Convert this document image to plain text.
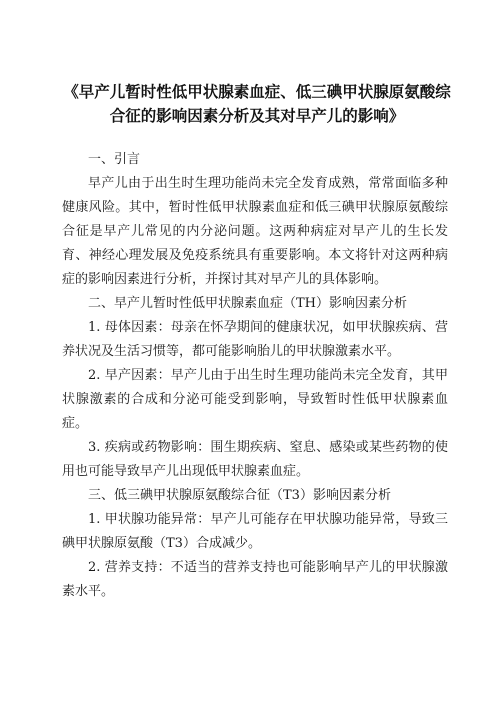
《早产儿暂时性低甲状腺素血症、低三碘甲状腺原氨酸综合征的影响因素分析及其对早产儿的影响》

一、引言

早产儿由于出生时生理功能尚未完全发育成熟，常常面临多种健康风险。其中，暂时性低甲状腺素血症和低三碘甲状腺原氨酸综合征是早产儿常见的内分泌问题。这两种病症对早产儿的生长发育、神经心理发展及免疫系统具有重要影响。本文将针对这两种病症的影响因素进行分析，并探讨其对早产儿的具体影响。

二、早产儿暂时性低甲状腺素血症（TH）影响因素分析

1. 母体因素：母亲在怀孕期间的健康状况，如甲状腺疾病、营养状况及生活习惯等，都可能影响胎儿的甲状腺激素水平。

2. 早产因素：早产儿由于出生时生理功能尚未完全发育，其甲状腺激素的合成和分泌可能受到影响，导致暂时性低甲状腺素血症。

3. 疾病或药物影响：围生期疾病、窒息、感染或某些药物的使用也可能导致早产儿出现低甲状腺素血症。

三、低三碘甲状腺原氨酸综合征（T3）影响因素分析

1. 甲状腺功能异常：早产儿可能存在甲状腺功能异常，导致三碘甲状腺原氨酸（T3）合成减少。

2. 营养支持：不适当的营养支持也可能影响早产儿的甲状腺激素水平。
